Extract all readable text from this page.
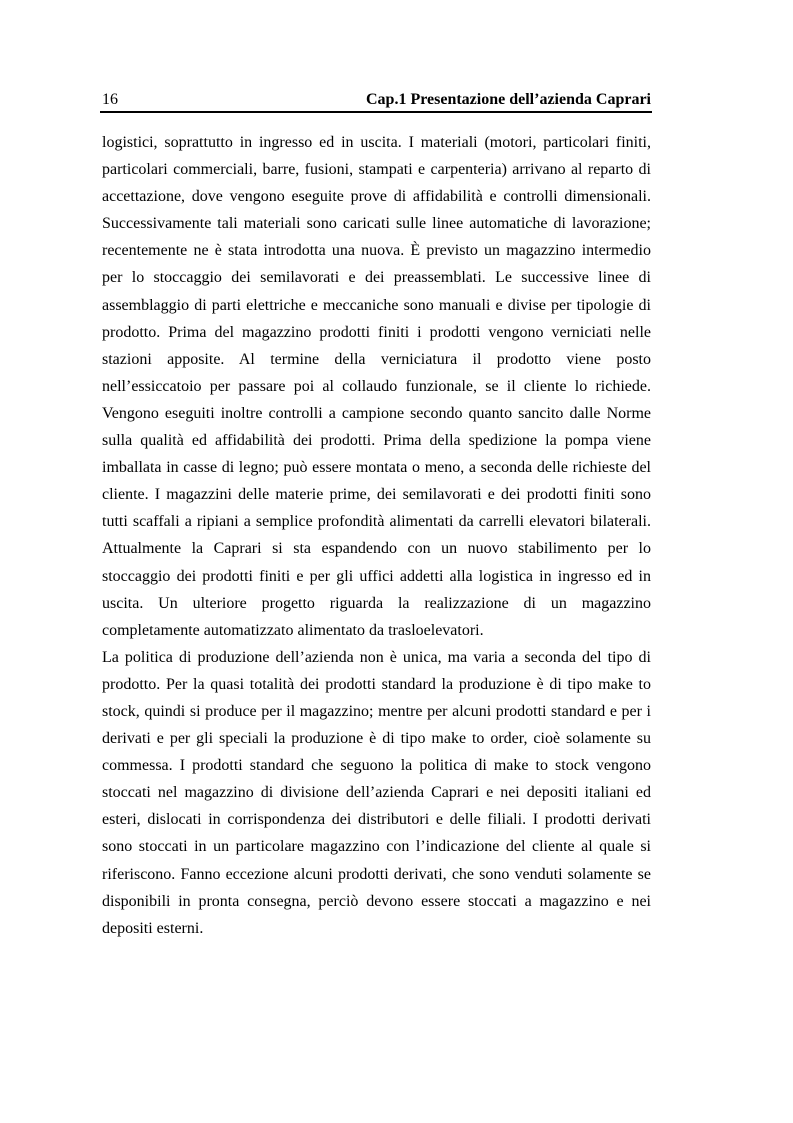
16	Cap.1 Presentazione dell’azienda Caprari

logistici, soprattutto in ingresso ed in uscita. I materiali (motori, particolari finiti, particolari commerciali, barre, fusioni, stampati e carpenteria) arrivano al reparto di accettazione, dove vengono eseguite prove di affidabilità e controlli dimensionali. Successivamente tali materiali sono caricati sulle linee automatiche di lavorazione; recentemente ne è stata introdotta una nuova. È previsto un magazzino intermedio per lo stoccaggio dei semilavorati e dei preassemblati. Le successive linee di assemblaggio di parti elettriche e meccaniche sono manuali e divise per tipologie di prodotto. Prima del magazzino prodotti finiti i prodotti vengono verniciati nelle stazioni apposite. Al termine della verniciatura il prodotto viene posto nell’essiccatoio per passare poi al collaudo funzionale, se il cliente lo richiede. Vengono eseguiti inoltre controlli a campione secondo quanto sancito dalle Norme sulla qualità ed affidabilità dei prodotti. Prima della spedizione la pompa viene imballata in casse di legno; può essere montata o meno, a seconda delle richieste del cliente. I magazzini delle materie prime, dei semilavorati e dei prodotti finiti sono tutti scaffali a ripiani a semplice profondità alimentati da carrelli elevatori bilaterali. Attualmente la Caprari si sta espandendo con un nuovo stabilimento per lo stoccaggio dei prodotti finiti e per gli uffici addetti alla logistica in ingresso ed in uscita. Un ulteriore progetto riguarda la realizzazione di un magazzino completamente automatizzato alimentato da trasloelevatori.

La politica di produzione dell’azienda non è unica, ma varia a seconda del tipo di prodotto. Per la quasi totalità dei prodotti standard la produzione è di tipo make to stock, quindi si produce per il magazzino; mentre per alcuni prodotti standard e per i derivati e per gli speciali la produzione è di tipo make to order, cioè solamente su commessa. I prodotti standard che seguono la politica di make to stock vengono stoccati nel magazzino di divisione dell’azienda Caprari e nei depositi italiani ed esteri, dislocati in corrispondenza dei distributori e delle filiali. I prodotti derivati sono stoccati in un particolare magazzino con l’indicazione del cliente al quale si riferiscono. Fanno eccezione alcuni prodotti derivati, che sono venduti solamente se disponibili in pronta consegna, perciò devono essere stoccati a magazzino e nei depositi esterni.
